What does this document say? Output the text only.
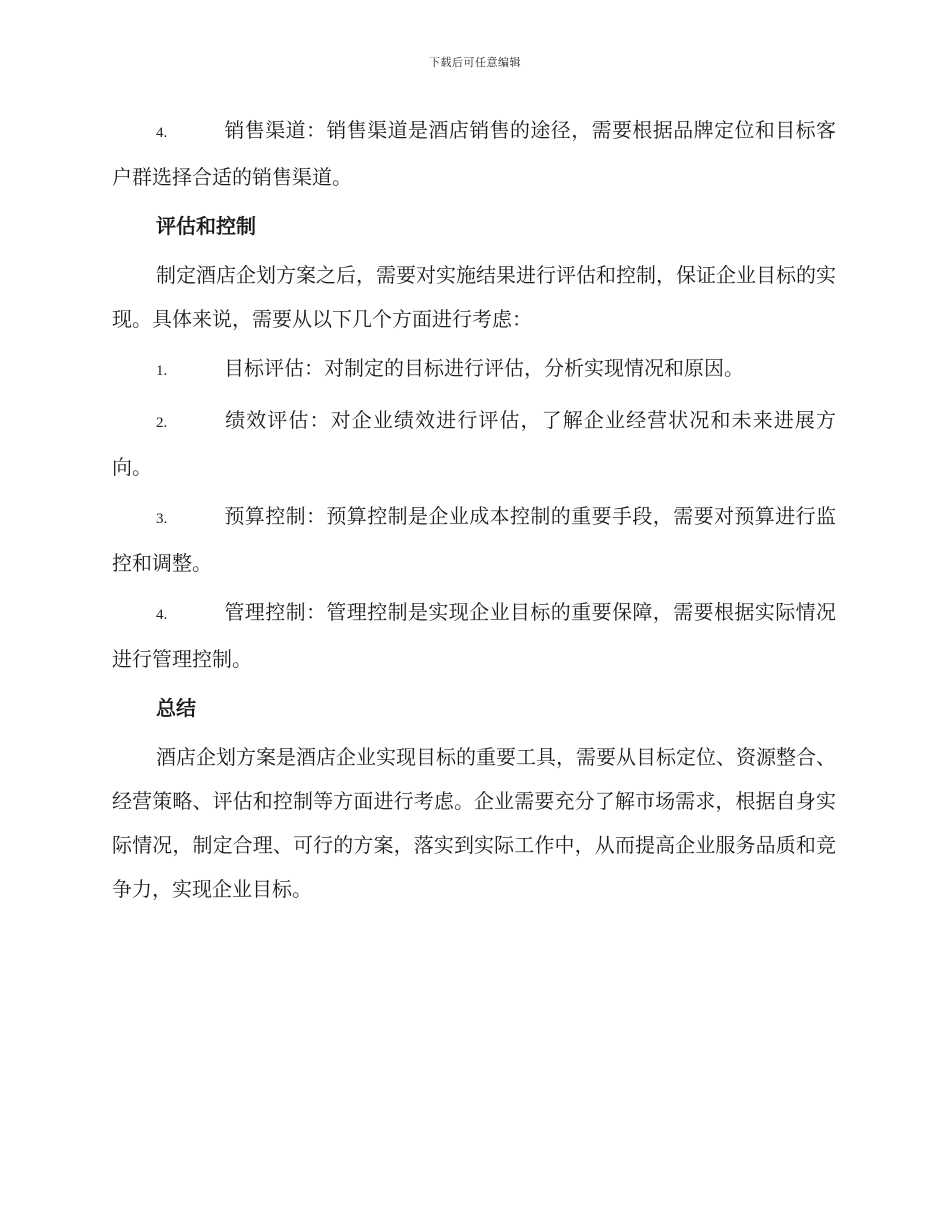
下载后可任意编辑

4.	销售渠道：销售渠道是酒店销售的途径，需要根据品牌定位和目标客户群选择合适的销售渠道。

评估和控制

制定酒店企划方案之后，需要对实施结果进行评估和控制，保证企业目标的实现。具体来说，需要从以下几个方面进行考虑：

1.	目标评估：对制定的目标进行评估，分析实现情况和原因。

2.	绩效评估：对企业绩效进行评估，了解企业经营状况和未来进展方向。

3.	预算控制：预算控制是企业成本控制的重要手段，需要对预算进行监控和调整。

4.	管理控制：管理控制是实现企业目标的重要保障，需要根据实际情况进行管理控制。

总结

酒店企划方案是酒店企业实现目标的重要工具，需要从目标定位、资源整合、经营策略、评估和控制等方面进行考虑。企业需要充分了解市场需求，根据自身实际情况，制定合理、可行的方案，落实到实际工作中，从而提高企业服务品质和竞争力，实现企业目标。
